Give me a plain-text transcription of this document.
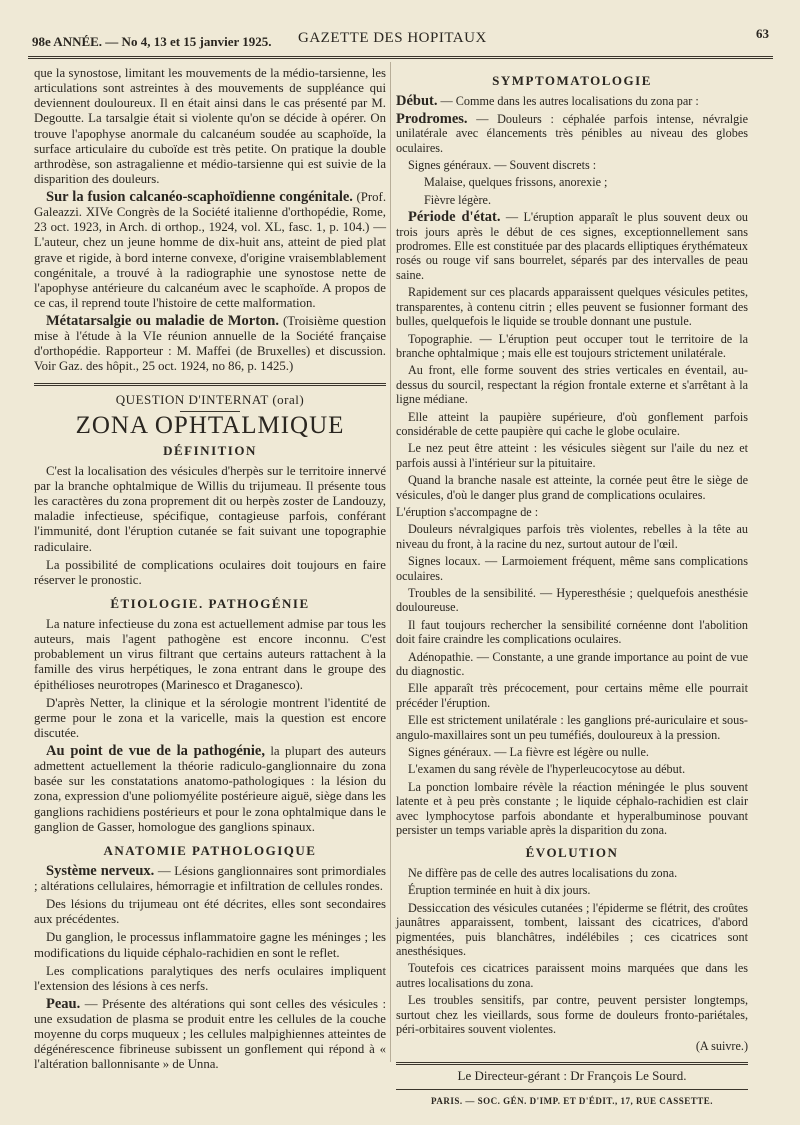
98e ANNÉE. — No 4, 13 et 15 janvier 1925. GAZETTE DES HOPITAUX	63

que la synostose, limitant les mouvements de la médio-tarsienne, les articulations sont astreintes à des mouvements de suppléance qui deviennent douloureux. Il en était ainsi dans le cas présenté par M. Degoutte. La tarsalgie était si violente qu'on se décide à opérer. On trouve l'apophyse anormale du calcanéum soudée au scaphoïde, la surface articulaire du cuboïde est très petite. On pratique la double arthrodèse, son astragalienne et médio-tarsienne qui est suivie de la disparition des douleurs.

Sur la fusion calcanéo-scaphoïdienne congénitale. (Prof. Galeazzi. XIVe Congrès de la Société italienne d'orthopédie, Rome, 23 oct. 1923, in Arch. di orthop., 1924, vol. XL, fasc. 1, p. 104.) — L'auteur, chez un jeune homme de dix-huit ans, atteint de pied plat grave et rigide, à bord interne convexe, d'origine vraisemblablement congénitale, a trouvé à la radiographie une synostose nette de l'apophyse antérieure du calcanéum avec le scaphoïde. A propos de ce cas, il reprend toute l'histoire de cette malformation.

Métatarsalgie ou maladie de Morton. (Troisième question mise à l'étude à la VIe réunion annuelle de la Société française d'orthopédie. Rapporteur : M. Maffei (de Bruxelles) et discussion. Voir Gaz. des hôpit., 25 oct. 1924, no 86, p. 1425.)

QUESTION D'INTERNAT (oral)
ZONA OPHTALMIQUE
DÉFINITION

C'est la localisation des vésicules d'herpès sur le territoire innervé par la branche ophtalmique de Willis du trijumeau. Il présente tous les caractères du zona proprement dit ou herpès zoster de Landouzy, maladie infectieuse, spécifique, contagieuse parfois, conférant l'immunité, dont l'éruption cutanée se fait suivant une topographie radiculaire.

La possibilité de complications oculaires doit toujours en faire réserver le pronostic.

ÉTIOLOGIE. PATHOGÉNIE

La nature infectieuse du zona est actuellement admise par tous les auteurs, mais l'agent pathogène est encore inconnu. C'est probablement un virus filtrant que certains auteurs rattachent à la famille des virus herpétiques, le zona entrant dans le groupe des épithélioses neurotropes (Marinesco et Draganesco).

D'après Netter, la clinique et la sérologie montrent l'identité de germe pour le zona et la varicelle, mais la question est encore discutée.

Au point de vue de la pathogénie, la plupart des auteurs admettent actuellement la théorie radiculo-ganglionnaire du zona basée sur les constatations anatomo-pathologiques : la lésion du zona, expression d'une poliomyélite postérieure aiguë, siège dans les ganglions rachidiens postérieurs et pour le zona ophtalmique dans le ganglion de Gasser, homologue des ganglions spinaux.

ANATOMIE PATHOLOGIQUE

Système nerveux. — Lésions ganglionnaires sont primordiales ; altérations cellulaires, hémorragie et infiltration de cellules rondes.

Des lésions du trijumeau ont été décrites, elles sont secondaires aux précédentes.

Du ganglion, le processus inflammatoire gagne les méninges ; les modifications du liquide céphalo-rachidien en sont le reflet.

Les complications paralytiques des nerfs oculaires impliquent l'extension des lésions à ces nerfs.

Peau. — Présente des altérations qui sont celles des vésicules : une exsudation de plasma se produit entre les cellules de la couche moyenne du corps muqueux ; les cellules malpighiennes atteintes de dégénérescence fibrineuse subissent un gonflement qui répond à « l'altération ballonnisante » de Unna.

SYMPTOMATOLOGIE

Début. — Comme dans les autres localisations du zona par :

Prodromes. — Douleurs : céphalée parfois intense, névralgie unilatérale avec élancements très pénibles au niveau des globes oculaires.

Signes généraux. — Souvent discrets :

Malaise, quelques frissons, anorexie ;

Fièvre légère.

Période d'état. — L'éruption apparaît le plus souvent deux ou trois jours après le début de ces signes, exceptionnellement sans prodromes. Elle est constituée par des placards elliptiques érythémateux rosés ou rouge vif sans bourrelet, séparés par des intervalles de peau saine.

Rapidement sur ces placards apparaissent quelques vésicules petites, transparentes, à contenu citrin ; elles peuvent se fusionner formant des bulles, quelquefois le liquide se trouble donnant une pustule.

Topographie. — L'éruption peut occuper tout le territoire de la branche ophtalmique ; mais elle est toujours strictement unilatérale.

Au front, elle forme souvent des stries verticales en éventail, au-dessus du sourcil, respectant la région frontale externe et s'arrêtant à la ligne médiane.

Elle atteint la paupière supérieure, d'où gonflement parfois considérable de cette paupière qui cache le globe oculaire.

Le nez peut être atteint : les vésicules siègent sur l'aile du nez et parfois aussi à l'intérieur sur la pituitaire.

Quand la branche nasale est atteinte, la cornée peut être le siège de vésicules, d'où le danger plus grand de complications oculaires.

L'éruption s'accompagne de :

Douleurs névralgiques parfois très violentes, rebelles à la tête au niveau du front, à la racine du nez, surtout autour de l'œil.

Signes locaux. — Larmoiement fréquent, même sans complications oculaires.

Troubles de la sensibilité. — Hyperesthésie ; quelquefois anesthésie douloureuse.

Il faut toujours rechercher la sensibilité cornéenne dont l'abolition doit faire craindre les complications oculaires.

Adénopathie. — Constante, a une grande importance au point de vue du diagnostic.

Elle apparaît très précocement, pour certains même elle pourrait précéder l'éruption.

Elle est strictement unilatérale : les ganglions pré-auriculaire et sous-angulo-maxillaires sont un peu tuméfiés, douloureux à la pression.

Signes généraux. — La fièvre est légère ou nulle.

L'examen du sang révèle de l'hyperleucocytose au début.

La ponction lombaire révèle la réaction méningée le plus souvent latente et à peu près constante ; le liquide céphalo-rachidien est clair avec lymphocytose parfois abondante et hyperalbuminose pouvant persister un temps variable après la disparition du zona.

ÉVOLUTION

Ne diffère pas de celle des autres localisations du zona.

Éruption terminée en huit à dix jours.

Dessiccation des vésicules cutanées ; l'épiderme se flétrit, des croûtes jaunâtres apparaissent, tombent, laissant des cicatrices, d'abord pigmentées, puis blanchâtres, indélébiles ; ces cicatrices sont anesthésiques.

Toutefois ces cicatrices paraissent moins marquées que dans les autres localisations du zona.

Les troubles sensitifs, par contre, peuvent persister longtemps, surtout chez les vieillards, sous forme de douleurs fronto-pariétales, péri-orbitaires souvent violentes.

(A suivre.)

Le Directeur-gérant : Dr François Le Sourd.
PARIS. — SOC. GÉN. D'IMP. ET D'ÉDIT., 17, RUE CASSETTE.
